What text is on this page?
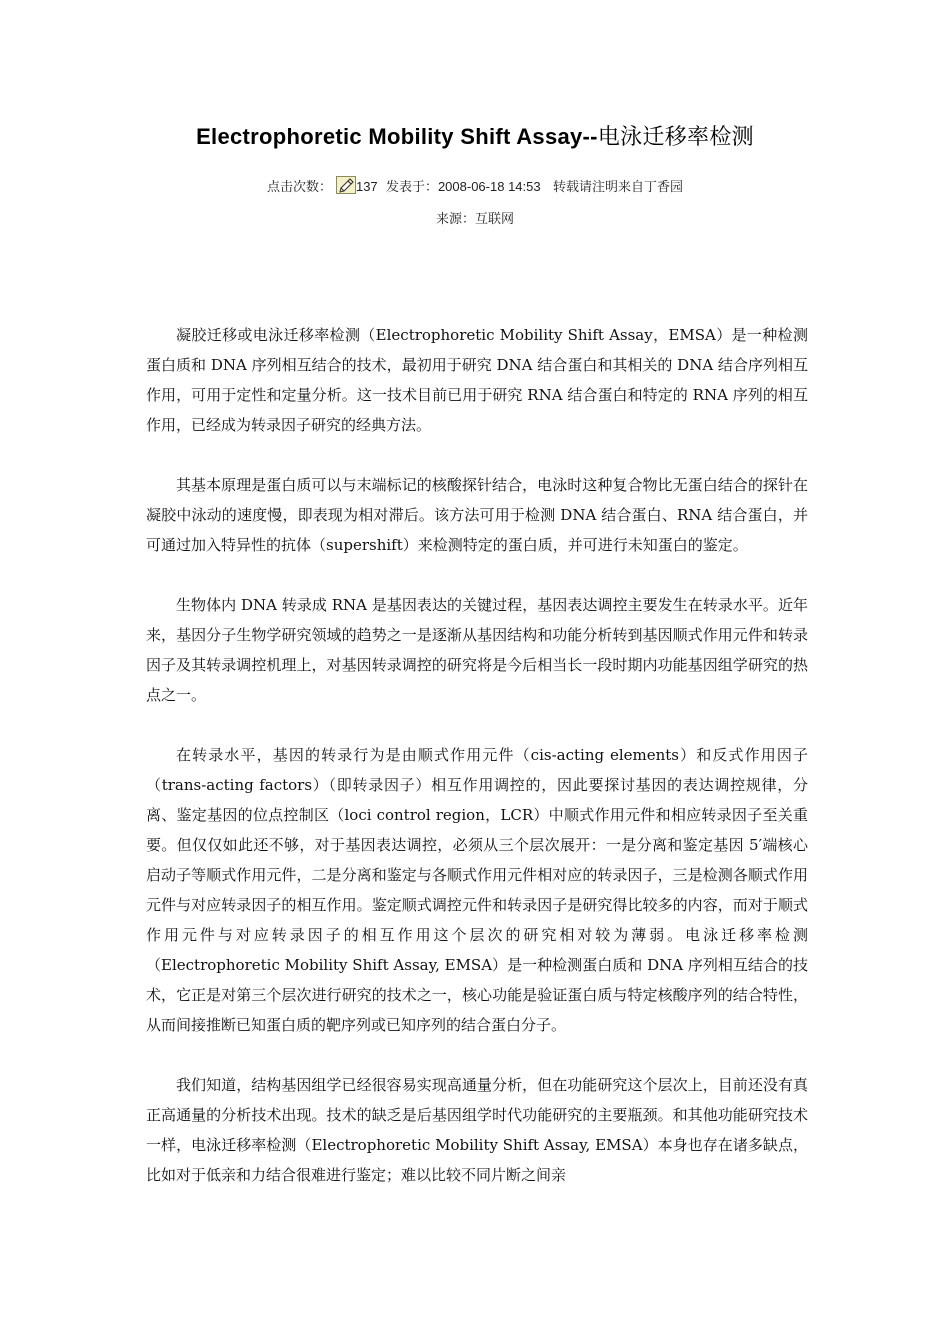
Electrophoretic Mobility Shift Assay--电泳迁移率检测
点击次数： 137 发表于：2008-06-18 14:53 转载请注明来自丁香园
来源：互联网

凝胶迁移或电泳迁移率检测（Electrophoretic Mobility Shift Assay，EMSA）是一种检测蛋白质和 DNA 序列相互结合的技术，最初用于研究 DNA 结合蛋白和其相关的 DNA 结合序列相互作用，可用于定性和定量分析。这一技术目前已用于研究 RNA 结合蛋白和特定的 RNA 序列的相互作用，已经成为转录因子研究的经典方法。

其基本原理是蛋白质可以与末端标记的核酸探针结合，电泳时这种复合物比无蛋白结合的探针在凝胶中泳动的速度慢，即表现为相对滞后。该方法可用于检测 DNA 结合蛋白、RNA 结合蛋白，并可通过加入特异性的抗体（supershift）来检测特定的蛋白质，并可进行未知蛋白的鉴定。

生物体内 DNA 转录成 RNA 是基因表达的关键过程，基因表达调控主要发生在转录水平。近年来，基因分子生物学研究领域的趋势之一是逐渐从基因结构和功能分析转到基因顺式作用元件和转录因子及其转录调控机理上，对基因转录调控的研究将是今后相当长一段时期内功能基因组学研究的热点之一。

在转录水平，基因的转录行为是由顺式作用元件（cis-acting elements）和反式作用因子（trans-acting factors）（即转录因子）相互作用调控的，因此要探讨基因的表达调控规律，分离、鉴定基因的位点控制区（loci control region，LCR）中顺式作用元件和相应转录因子至关重要。但仅仅如此还不够，对于基因表达调控，必须从三个层次展开：一是分离和鉴定基因 5′端核心启动子等顺式作用元件，二是分离和鉴定与各顺式作用元件相对应的转录因子，三是检测各顺式作用元件与对应转录因子的相互作用。鉴定顺式调控元件和转录因子是研究得比较多的内容，而对于顺式作用元件与对应转录因子的相互作用这个层次的研究相对较为薄弱。电泳迁移率检测（Electrophoretic Mobility Shift Assay, EMSA）是一种检测蛋白质和 DNA 序列相互结合的技术，它正是对第三个层次进行研究的技术之一，核心功能是验证蛋白质与特定核酸序列的结合特性，从而间接推断已知蛋白质的靶序列或已知序列的结合蛋白分子。

我们知道，结构基因组学已经很容易实现高通量分析，但在功能研究这个层次上，目前还没有真正高通量的分析技术出现。技术的缺乏是后基因组学时代功能研究的主要瓶颈。和其他功能研究技术一样，电泳迁移率检测（Electrophoretic Mobility Shift Assay, EMSA）本身也存在诸多缺点，比如对于低亲和力结合很难进行鉴定；难以比较不同片断之间亲
